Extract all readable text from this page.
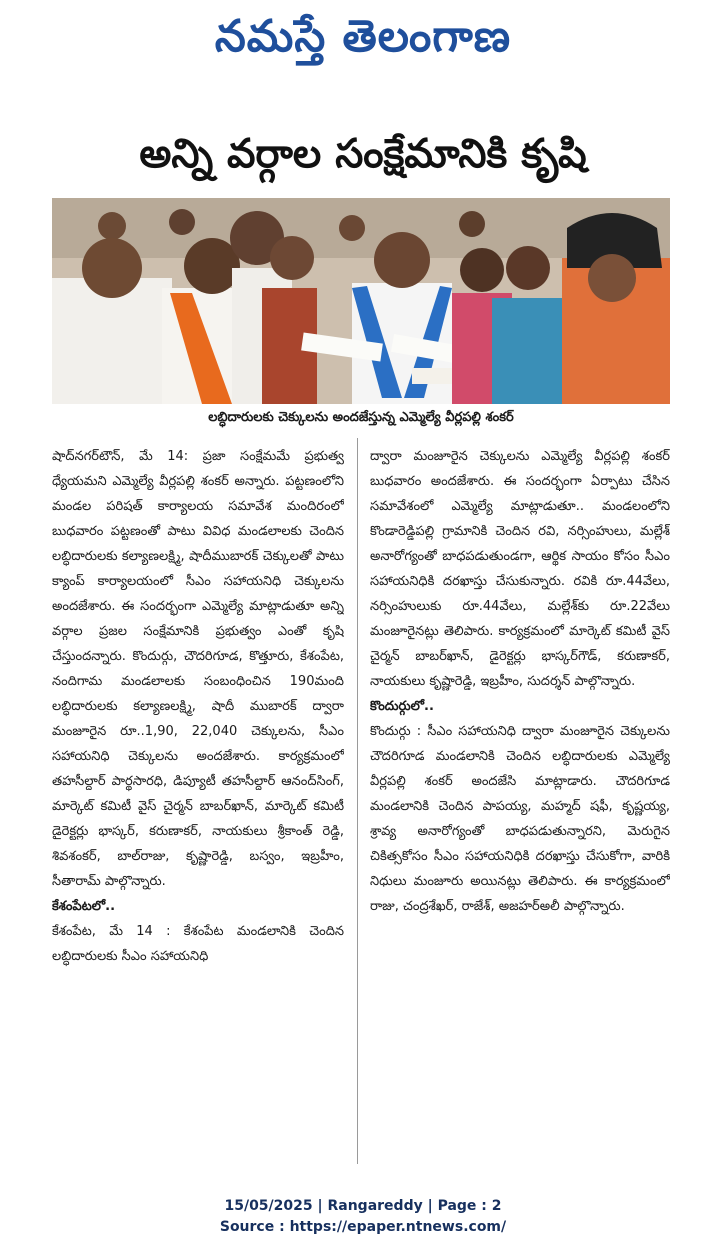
నమస్తే తెలంగాణ
అన్ని వర్గాల సంక్షేమానికి కృషి
లబ్ధిదారులకు చెక్కులను అందజేస్తున్న ఎమ్మెల్యే వీర్లపల్లి శంకర్

షాద్‌నగర్‌టౌన్, మే 14: ప్రజా సంక్షేమమే ప్రభుత్వ ధ్యేయమని ఎమ్మెల్యే వీర్లపల్లి శంకర్ అన్నారు. పట్టణంలోని మండల పరిషత్ కార్యాలయ సమావేశ మందిరంలో బుధవారం పట్టణంతో పాటు వివిధ మండలాలకు చెందిన లబ్ధిదారులకు కల్యాణలక్ష్మి, షాదీముబారక్ చెక్కులతో పాటు క్యాంప్ కార్యాలయంలో సీఎం సహాయనిధి చెక్కులను అందజేశారు. ఈ సందర్భంగా ఎమ్మెల్యే మాట్లాడుతూ అన్ని వర్గాల ప్రజల సంక్షేమానికి ప్రభుత్వం ఎంతో కృషి చేస్తుందన్నారు. కొందుర్గు, చౌదరిగూడ, కొత్తూరు, కేశంపేట, నందిగామ మండలాలకు సంబంధించిన 190మంది లబ్ధిదారులకు కల్యాణలక్ష్మి, షాదీ ముబారక్ ద్వారా మంజూరైన రూ..1,90, 22,040 చెక్కులను, సీఎం సహాయనిధి చెక్కులను అందజేశారు. కార్యక్రమంలో తహసీల్దార్ పార్థసారధి, డిప్యూటీ తహసీల్దార్ ఆనంద్‌సింగ్, మార్కెట్ కమిటీ వైస్ చైర్మన్ బాబర్‌ఖాన్, మార్కెట్ కమిటీ డైరెక్టర్లు భాస్కర్, కరుణాకర్, నాయకులు శ్రీకాంత్ రెడ్డి, శివశంకర్, బాల్‌రాజు, కృష్ణారెడ్డి, బస్వం, ఇబ్రహీం, సీతారామ్ పాల్గొన్నారు.

కేశంపేటలో..

కేశంపేట, మే 14 : కేశంపేట మండలానికి చెందిన లబ్ధిదారులకు సీఎం సహాయనిధి

ద్వారా మంజూరైన చెక్కులను ఎమ్మెల్యే వీర్లపల్లి శంకర్ బుధవారం అందజేశారు. ఈ సందర్భంగా ఏర్పాటు చేసిన సమావేశంలో ఎమ్మెల్యే మాట్లాడుతూ.. మండలంలోని కొండారెడ్డిపల్లి గ్రామానికి చెందిన రవి, నర్సింహులు, మల్లేశ్ అనారోగ్యంతో బాధపడుతుండగా, ఆర్థిక సాయం కోసం సీఎం సహాయనిధికి దరఖాస్తు చేసుకున్నారు. రవికి రూ.44వేలు, నర్సింహులుకు రూ.44వేలు, మల్లేశ్‌కు రూ.22వేలు మంజూరైనట్లు తెలిపారు. కార్యక్రమంలో మార్కెట్ కమిటీ వైస్ చైర్మన్ బాబర్‌ఖాన్, డైరెక్టర్లు భాస్కర్‌గౌడ్, కరుణాకర్, నాయకులు కృష్ణారెడ్డి, ఇబ్రహీం, సుదర్శన్ పాల్గొన్నారు.

కొందుర్గులో..

కొందుర్గు : సీఎం సహాయనిధి ద్వారా మంజూరైన చెక్కులను చౌదరిగూడ మండలానికి చెందిన లబ్ధిదారులకు ఎమ్మెల్యే వీర్లపల్లి శంకర్ అందజేసి మాట్లాడారు. చౌదరిగూడ మండలానికి చెందిన పాపయ్య, మహ్మద్ షఫీ, కృష్ణయ్య, శ్రావ్య అనారోగ్యంతో బాధపడుతున్నారని, మెరుగైన చికిత్సకోసం సీఎం సహాయనిధికి దరఖాస్తు చేసుకోగా, వారికి నిధులు మంజూరు అయినట్లు తెలిపారు. ఈ కార్యక్రమంలో రాజు, చంద్రశేఖర్, రాజేశ్, అజహర్‌అలీ పాల్గొన్నారు.

15/05/2025 | Rangareddy | Page : 2
Source : https://epaper.ntnews.com/
